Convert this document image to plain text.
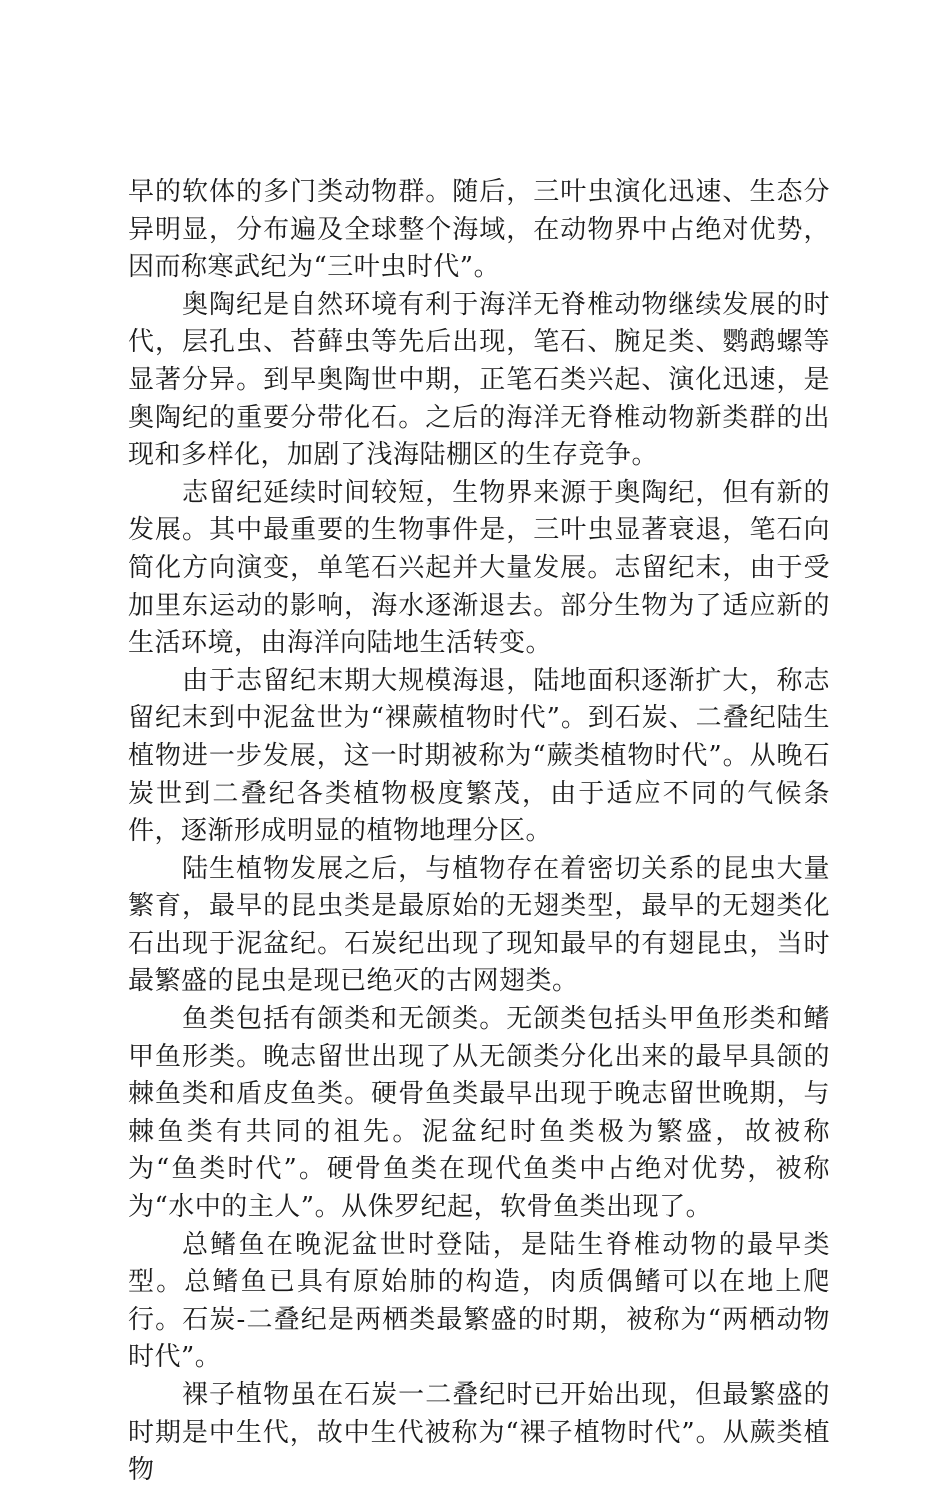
早的软体的多门类动物群。随后，三叶虫演化迅速、生态分异明显，分布遍及全球整个海域，在动物界中占绝对优势，因而称寒武纪为“三叶虫时代”。

奥陶纪是自然环境有利于海洋无脊椎动物继续发展的时代，层孔虫、苔藓虫等先后出现，笔石、腕足类、鹦鹉螺等显著分异。到早奥陶世中期，正笔石类兴起、演化迅速，是奥陶纪的重要分带化石。之后的海洋无脊椎动物新类群的出现和多样化，加剧了浅海陆棚区的生存竞争。

志留纪延续时间较短，生物界来源于奥陶纪，但有新的发展。其中最重要的生物事件是，三叶虫显著衰退，笔石向简化方向演变，单笔石兴起并大量发展。志留纪末，由于受加里东运动的影响，海水逐渐退去。部分生物为了适应新的生活环境，由海洋向陆地生活转变。

由于志留纪末期大规模海退，陆地面积逐渐扩大，称志留纪末到中泥盆世为“裸蕨植物时代”。到石炭、二叠纪陆生植物进一步发展，这一时期被称为“蕨类植物时代”。从晚石炭世到二叠纪各类植物极度繁茂，由于适应不同的气候条件，逐渐形成明显的植物地理分区。

陆生植物发展之后，与植物存在着密切关系的昆虫大量繁育，最早的昆虫类是最原始的无翅类型，最早的无翅类化石出现于泥盆纪。石炭纪出现了现知最早的有翅昆虫，当时最繁盛的昆虫是现已绝灭的古网翅类。

鱼类包括有颌类和无颌类。无颌类包括头甲鱼形类和鳍甲鱼形类。晚志留世出现了从无颌类分化出来的最早具颌的棘鱼类和盾皮鱼类。硬骨鱼类最早出现于晚志留世晚期，与棘鱼类有共同的祖先。泥盆纪时鱼类极为繁盛，故被称为“鱼类时代”。硬骨鱼类在现代鱼类中占绝对优势，被称为“水中的主人”。从侏罗纪起，软骨鱼类出现了。

总鳍鱼在晚泥盆世时登陆，是陆生脊椎动物的最早类型。总鳍鱼已具有原始肺的构造，肉质偶鳍可以在地上爬行。石炭-二叠纪是两栖类最繁盛的时期，被称为“两栖动物时代”。

裸子植物虽在石炭一二叠纪时已开始出现，但最繁盛的时期是中生代，故中生代被称为“裸子植物时代”。从蕨类植物
